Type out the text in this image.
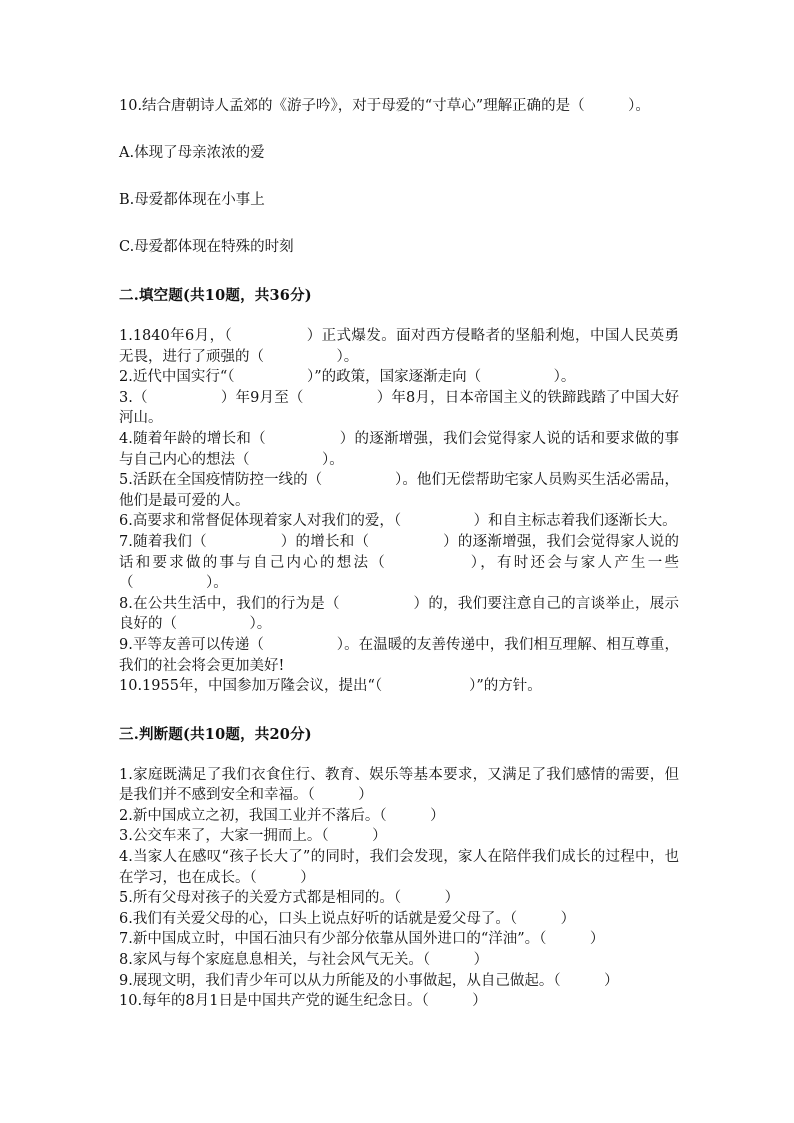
10.结合唐朝诗人孟郊的《游子吟》，对于母爱的“寸草心”理解正确的是（　　　）。
A.体现了母亲浓浓的爱
B.母爱都体现在小事上
C.母爱都体现在特殊的时刻
二.填空题(共10题，共36分)
1.1840年6月，（　　　　　）正式爆发。面对西方侵略者的坚船利炮，中国人民英勇无畏，进行了顽强的（　　　　　）。
2.近代中国实行“（　　　　　）”的政策，国家逐渐走向（　　　　　）。
3.（　　　　　）年9月至（　　　　　）年8月，日本帝国主义的铁蹄践踏了中国大好河山。
4.随着年龄的增长和（　　　　　）的逐渐增强，我们会觉得家人说的话和要求做的事与自己内心的想法（　　　　　）。
5.活跃在全国疫情防控一线的（　　　　　）。他们无偿帮助宅家人员购买生活必需品，他们是最可爱的人。
6.高要求和常督促体现着家人对我们的爱，（　　　　　）和自主标志着我们逐渐长大。
7.随着我们（　　　　　）的增长和（　　　　　）的逐渐增强，我们会觉得家人说的话和要求做的事与自己内心的想法（　　　　　），有时还会与家人产生一些（　　　　　）。
8.在公共生活中，我们的行为是（　　　　　）的，我们要注意自己的言谈举止，展示良好的（　　　　　）。
9.平等友善可以传递（　　　　　）。在温暖的友善传递中，我们相互理解、相互尊重，我们的社会将会更加美好!
10.1955年，中国参加万隆会议，提出“（　　　　　　）”的方针。
三.判断题(共10题，共20分)
1.家庭既满足了我们衣食住行、教育、娱乐等基本要求，又满足了我们感情的需要，但是我们并不感到安全和幸福。（　　　）
2.新中国成立之初，我国工业并不落后。（　　　）
3.公交车来了，大家一拥而上。（　　　）
4.当家人在感叹“孩子长大了”的同时，我们会发现，家人在陪伴我们成长的过程中，也在学习，也在成长。（　　　）
5.所有父母对孩子的关爱方式都是相同的。（　　　）
6.我们有关爱父母的心，口头上说点好听的话就是爱父母了。（　　　）
7.新中国成立时，中国石油只有少部分依靠从国外进口的“洋油”。（　　　）
8.家风与每个家庭息息相关，与社会风气无关。（　　　）
9.展现文明，我们青少年可以从力所能及的小事做起，从自己做起。（　　　）
10.每年的8月1日是中国共产党的诞生纪念日。（　　　）
